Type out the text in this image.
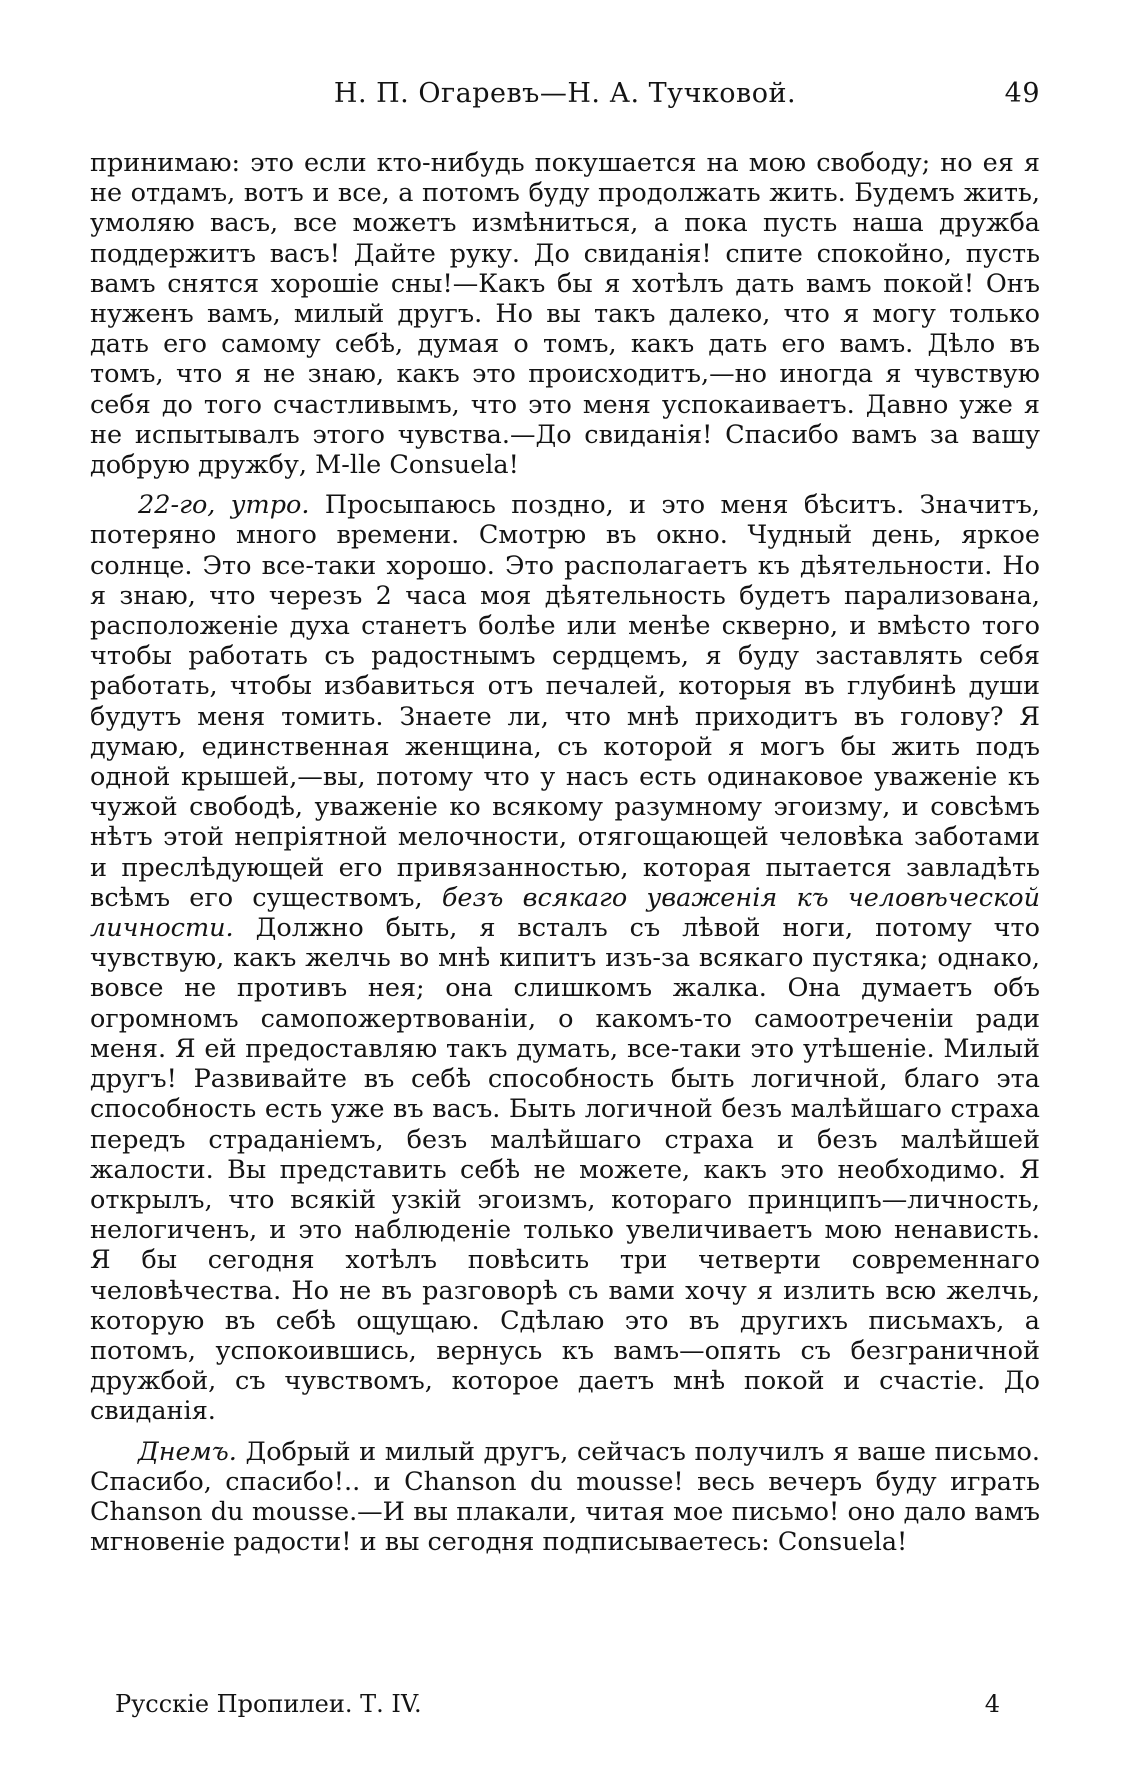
Н. П. Огаревъ—Н. А. Тучковой.	49

принимаю: это если кто-нибудь покушается на мою свободу; но ея я не отдамъ, вотъ и все, а потомъ буду продолжать жить. Будемъ жить, умоляю васъ, все можетъ измѣниться, а пока пусть наша дружба поддержитъ васъ! Дайте руку. До свиданія! спите спокойно, пусть вамъ снятся хорошіе сны!—Какъ бы я хотѣлъ дать вамъ покой! Онъ нуженъ вамъ, милый другъ. Но вы такъ далеко, что я могу только дать его самому себѣ, думая о томъ, какъ дать его вамъ. Дѣло въ томъ, что я не знаю, какъ это происходитъ,—но иногда я чувствую себя до того счастливымъ, что это меня успокаиваетъ. Давно уже я не испытывалъ этого чувства.—До свиданія! Спасибо вамъ за вашу добрую дружбу, M-lle Consuela!

22-го, утро. Просыпаюсь поздно, и это меня бѣситъ. Значитъ, потеряно много времени. Смотрю въ окно. Чудный день, яркое солнце. Это все-таки хорошо. Это располагаетъ къ дѣятельности. Но я знаю, что черезъ 2 часа моя дѣятельность будетъ парализована, расположеніе духа станетъ болѣе или менѣе скверно, и вмѣсто того чтобы работать съ радостнымъ сердцемъ, я буду заставлять себя работать, чтобы избавиться отъ печалей, которыя въ глубинѣ души будутъ меня томить. Знаете ли, что мнѣ приходитъ въ голову? Я думаю, единственная женщина, съ которой я могъ бы жить подъ одной крышей,—вы, потому что у насъ есть одинаковое уваженіе къ чужой свободѣ, уваженіе ко всякому разумному эгоизму, и совсѣмъ нѣтъ этой непріятной мелочности, отягощающей человѣка заботами и преслѣдующей его привязанностью, которая пытается завладѣть всѣмъ его существомъ, безъ всякаго уваженія къ человѣческой личности. Должно быть, я всталъ съ лѣвой ноги, потому что чувствую, какъ желчь во мнѣ кипитъ изъ-за всякаго пустяка; однако, вовсе не противъ нея; она слишкомъ жалка. Она думаетъ объ огромномъ самопожертвованіи, о какомъ-то самоотреченіи ради меня. Я ей предоставляю такъ думать, все-таки это утѣшеніе. Милый другъ! Развивайте въ себѣ способность быть логичной, благо эта способность есть уже въ васъ. Быть логичной безъ малѣйшаго страха передъ страданіемъ, безъ малѣйшаго страха и безъ малѣйшей жалости. Вы представить себѣ не можете, какъ это необходимо. Я открылъ, что всякій узкій эгоизмъ, котораго принципъ—личность, нелогиченъ, и это наблюденіе только увеличиваетъ мою ненависть. Я бы сегодня хотѣлъ повѣсить три четверти современнаго человѣчества. Но не въ разговорѣ съ вами хочу я излить всю желчь, которую въ себѣ ощущаю. Сдѣлаю это въ другихъ письмахъ, а потомъ, успокоившись, вернусь къ вамъ—опять съ безграничной дружбой, съ чувствомъ, которое даетъ мнѣ покой и счастіе. До свиданія.

Днемъ. Добрый и милый другъ, сейчасъ получилъ я ваше письмо. Спасибо, спасибо!.. и Chanson du mousse! весь вечеръ буду играть Chanson du mousse.—И вы плакали, читая мое письмо! оно дало вамъ мгновеніе радости! и вы сегодня подписываетесь: Consuela!

Русскіе Пропилеи. Т. IV.	4
